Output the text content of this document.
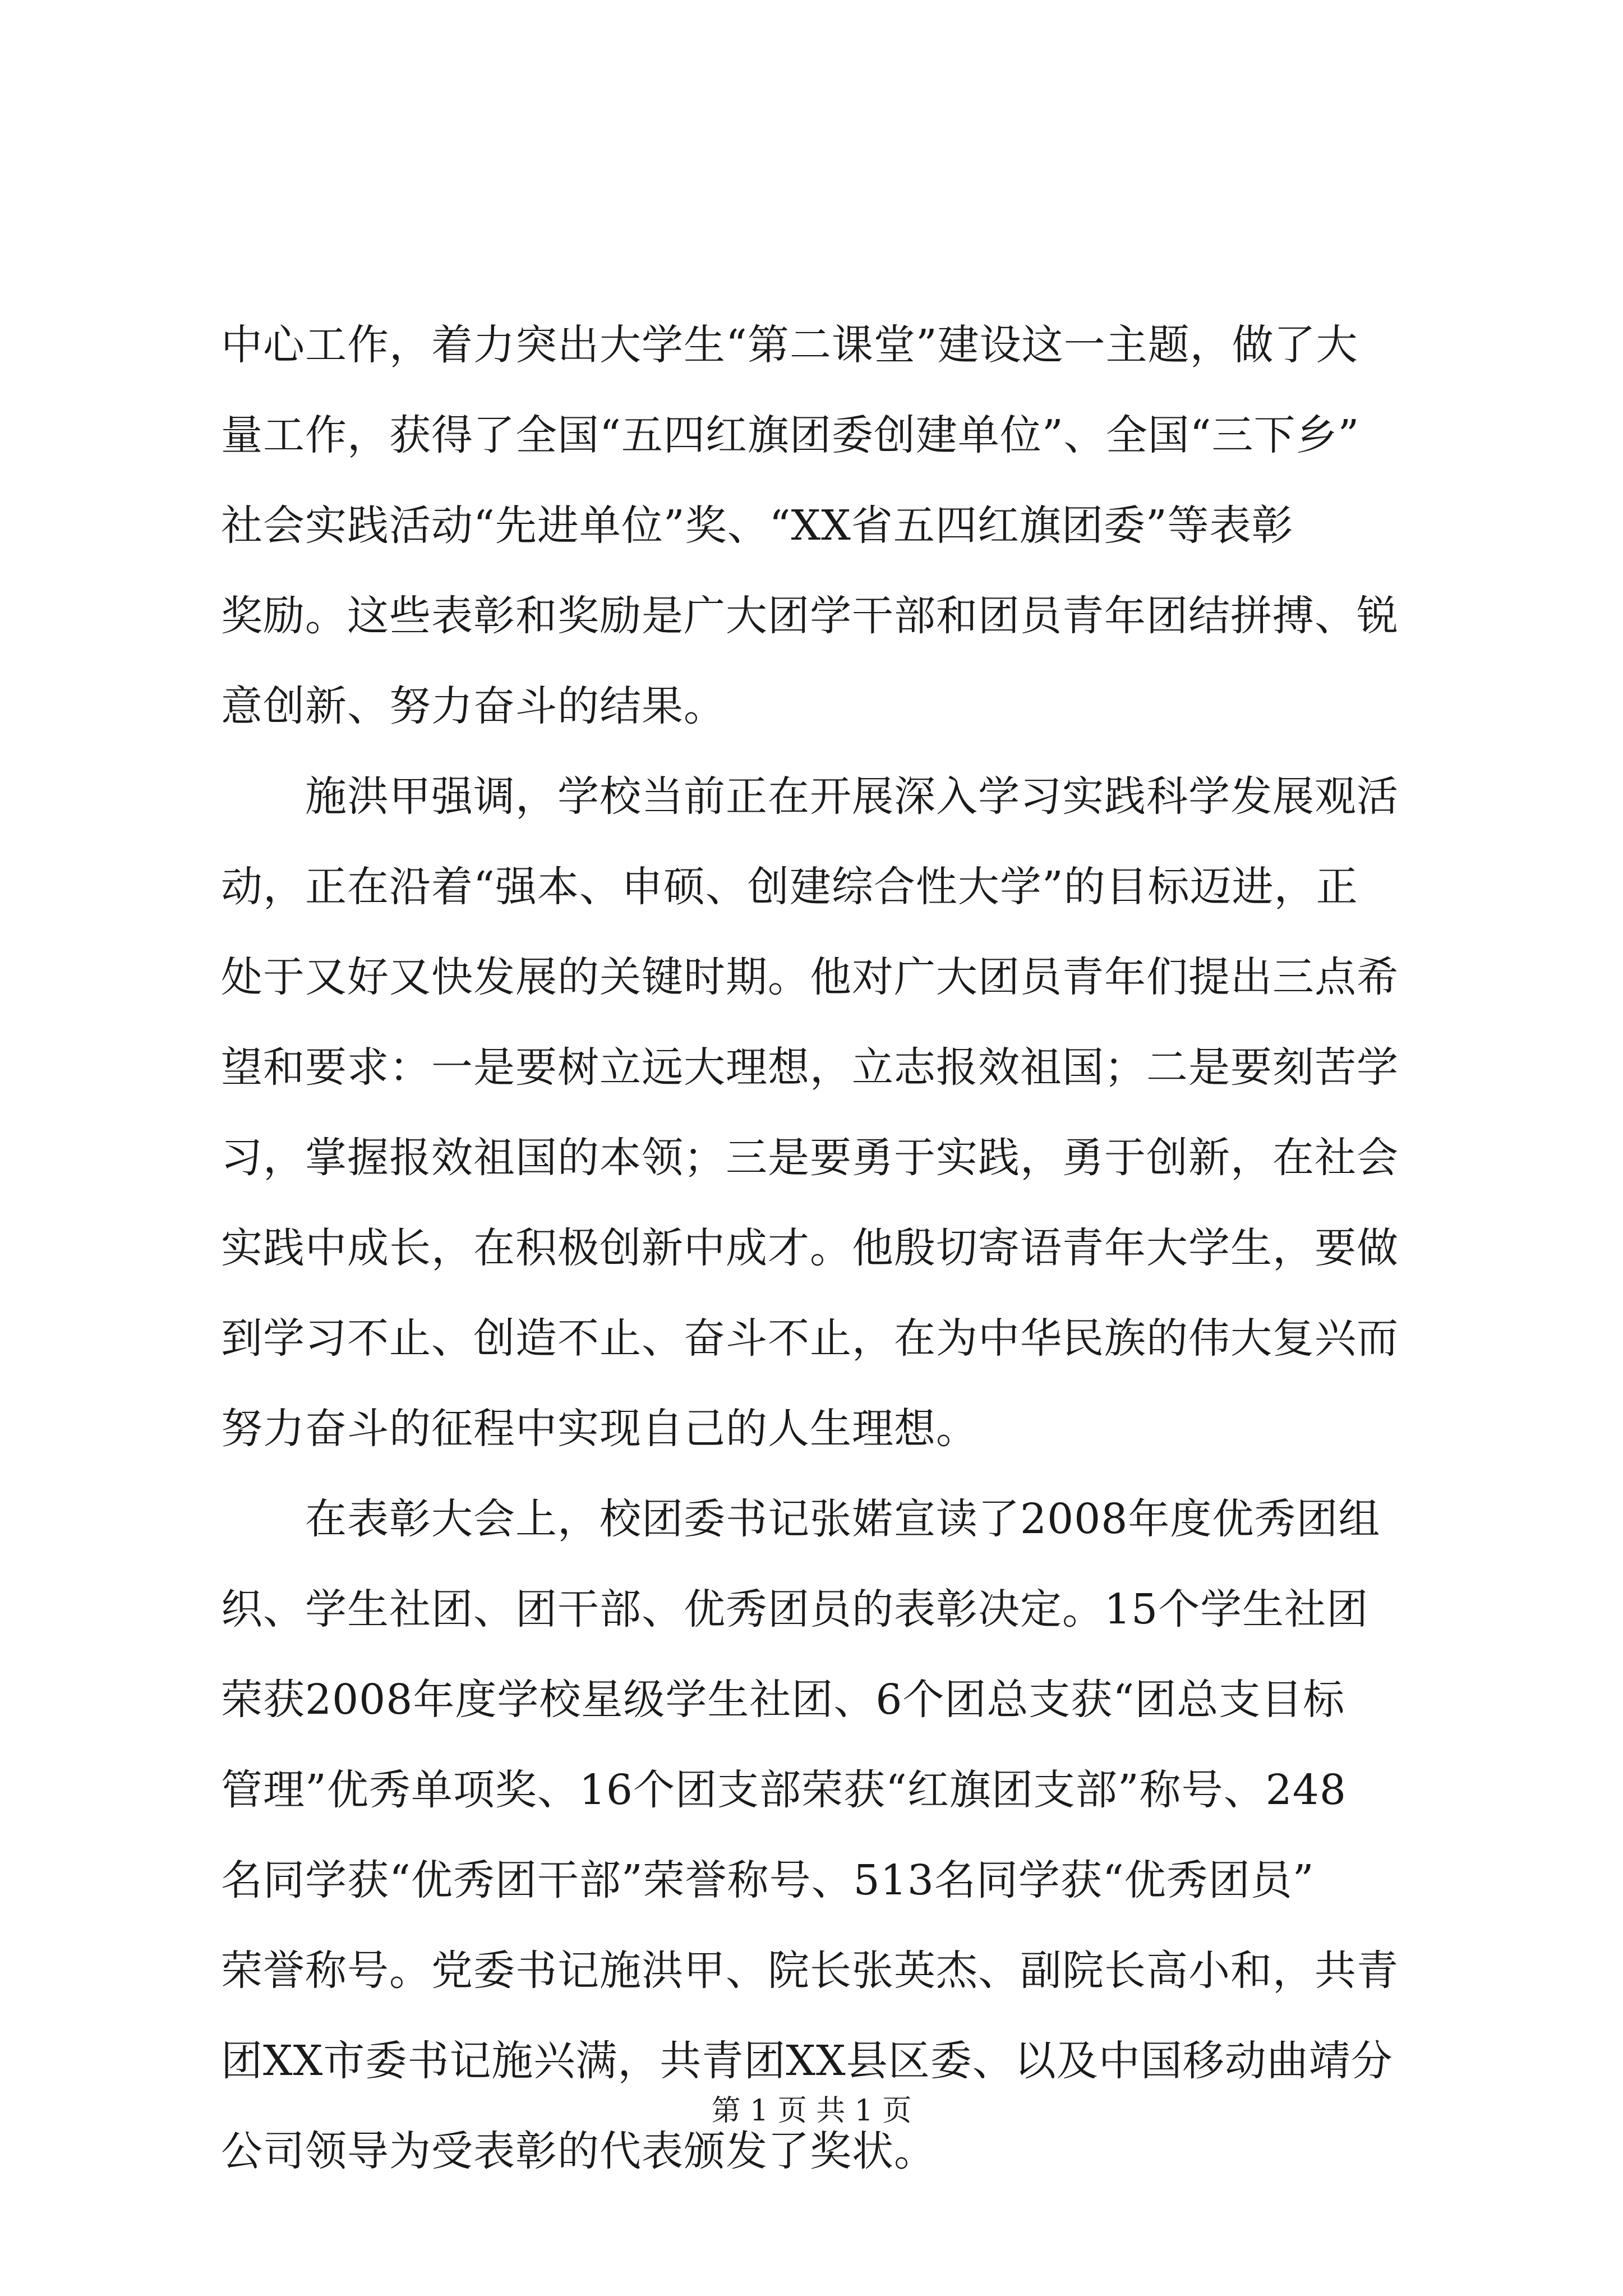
中心工作，着力突出大学生“第二课堂”建设这一主题，做了大
量工作，获得了全国“五四红旗团委创建单位”、全国“三下乡”
社会实践活动“先进单位”奖、“XX省五四红旗团委”等表彰
奖励。这些表彰和奖励是广大团学干部和团员青年团结拼搏、锐
意创新、努力奋斗的结果。
　　施洪甲强调，学校当前正在开展深入学习实践科学发展观活
动，正在沿着“强本、申硕、创建综合性大学”的目标迈进，正
处于又好又快发展的关键时期。他对广大团员青年们提出三点希
望和要求：一是要树立远大理想，立志报效祖国；二是要刻苦学
习，掌握报效祖国的本领；三是要勇于实践，勇于创新，在社会
实践中成长，在积极创新中成才。他殷切寄语青年大学生，要做
到学习不止、创造不止、奋斗不止，在为中华民族的伟大复兴而
努力奋斗的征程中实现自己的人生理想。
　　在表彰大会上，校团委书记张婼宣读了2008年度优秀团组
织、学生社团、团干部、优秀团员的表彰决定。15个学生社团
荣获2008年度学校星级学生社团、6个团总支获“团总支目标
管理”优秀单项奖、16个团支部荣获“红旗团支部”称号、248
名同学获“优秀团干部”荣誉称号、513名同学获“优秀团员”
荣誉称号。党委书记施洪甲、院长张英杰、副院长高小和，共青
团XX市委书记施兴满，共青团XX县区委、以及中国移动曲靖分
公司领导为受表彰的代表颁发了奖状。
第 1 页 共 1 页
